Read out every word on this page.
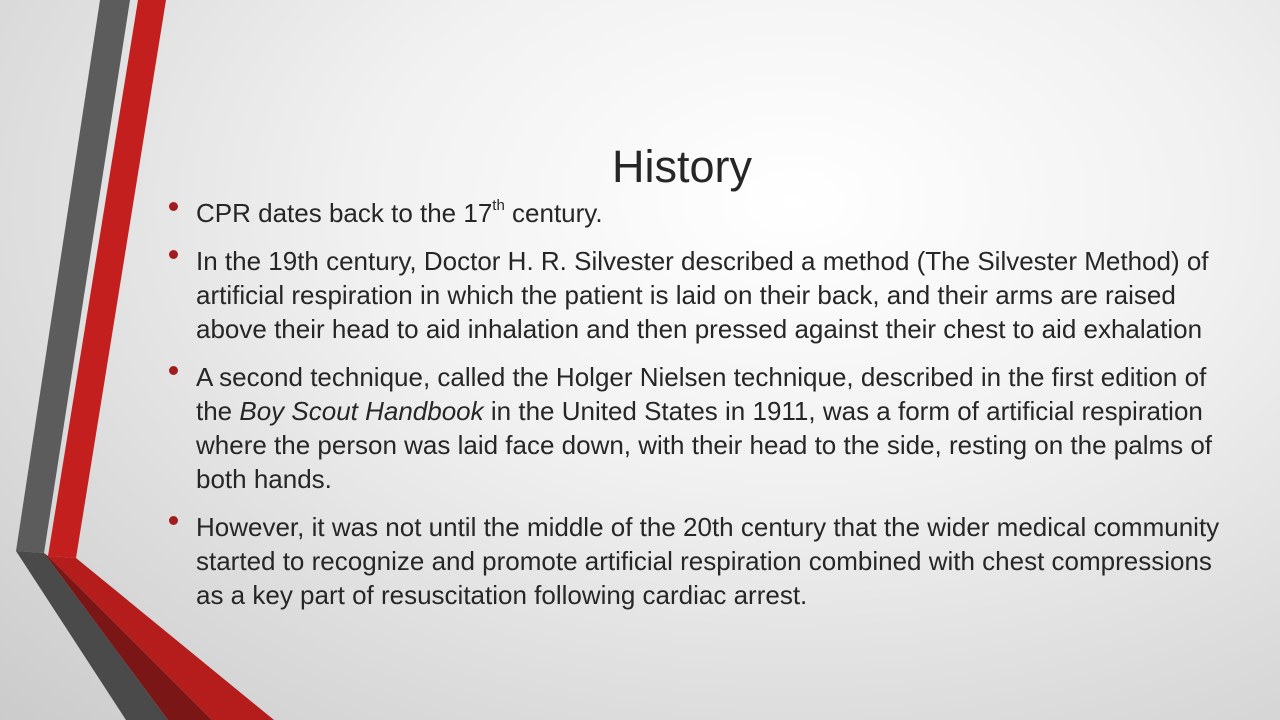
History
CPR dates back to the 17th century.
In the 19th century, Doctor H. R. Silvester described a method (The Silvester Method) of artificial respiration in which the patient is laid on their back, and their arms are raised above their head to aid inhalation and then pressed against their chest to aid exhalation
A second technique, called the Holger Nielsen technique, described in the first edition of the Boy Scout Handbook in the United States in 1911, was a form of artificial respiration where the person was laid face down, with their head to the side, resting on the palms of both hands.
However, it was not until the middle of the 20th century that the wider medical community started to recognize and promote artificial respiration combined with chest compressions as a key part of resuscitation following cardiac arrest.
